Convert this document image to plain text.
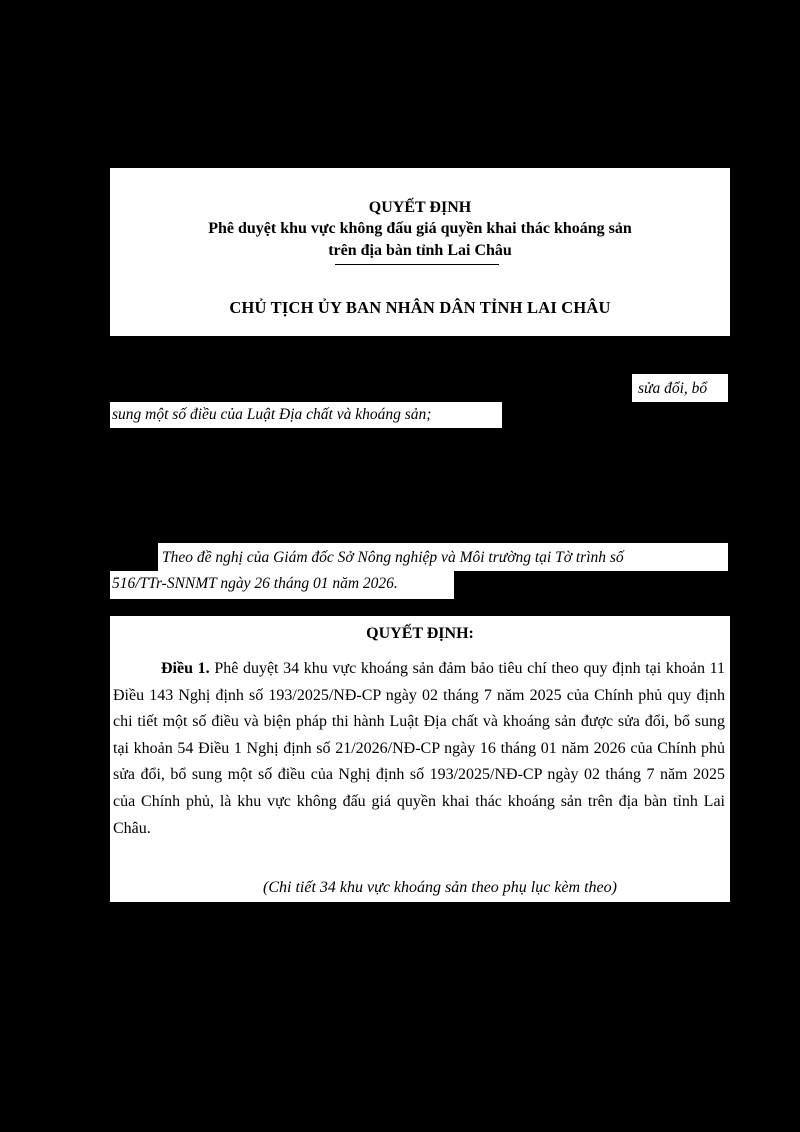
QUYẾT ĐỊNH
Phê duyệt khu vực không đấu giá quyền khai thác khoáng sản
trên địa bàn tỉnh Lai Châu
CHỦ TỊCH ỦY BAN NHÂN DÂN TỈNH LAI CHÂU
sửa đổi, bổ
sung một số điều của Luật Địa chất và khoáng sản;
Theo đề nghị của Giám đốc Sở Nông nghiệp và Môi trường tại Tờ trình số
516/TTr-SNNMT ngày 26 tháng 01 năm 2026.
QUYẾT ĐỊNH:
Điều 1. Phê duyệt 34 khu vực khoáng sản đảm bảo tiêu chí theo quy định tại khoản 11 Điều 143 Nghị định số 193/2025/NĐ-CP ngày 02 tháng 7 năm 2025 của Chính phủ quy định chi tiết một số điều và biện pháp thi hành Luật Địa chất và khoáng sản được sửa đổi, bổ sung tại khoản 54 Điều 1 Nghị định số 21/2026/NĐ-CP ngày 16 tháng 01 năm 2026 của Chính phủ sửa đổi, bổ sung một số điều của Nghị định số 193/2025/NĐ-CP ngày 02 tháng 7 năm 2025 của Chính phủ, là khu vực không đấu giá quyền khai thác khoáng sản trên địa bàn tỉnh Lai Châu.
(Chi tiết 34 khu vực khoáng sản theo phụ lục kèm theo)
